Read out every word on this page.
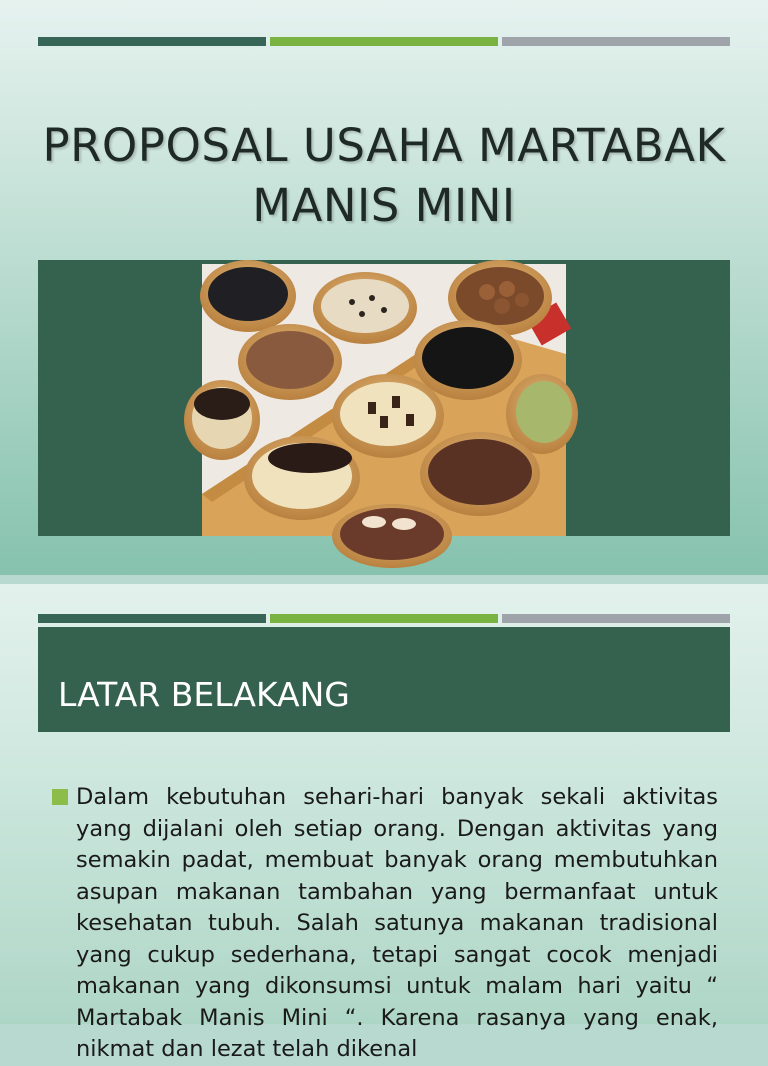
PROPOSAL USAHA MARTABAK MANIS MINI
LATAR BELAKANG
Dalam kebutuhan sehari-hari banyak sekali aktivitas yang dijalani oleh setiap orang. Dengan aktivitas yang semakin padat, membuat banyak orang membutuhkan asupan makanan tambahan yang bermanfaat untuk kesehatan tubuh. Salah satunya makanan tradisional yang cukup sederhana, tetapi sangat cocok menjadi makanan yang dikonsumsi untuk malam hari yaitu “ Martabak Manis Mini “. Karena rasanya yang enak, nikmat dan lezat telah dikenal
